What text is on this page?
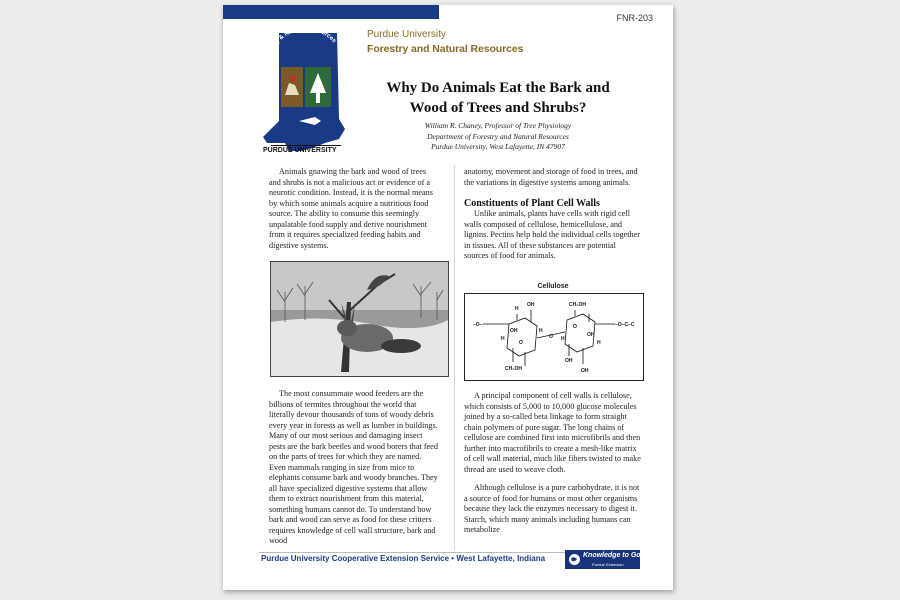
FNR-203
Forestry & Natural Resources
PURDUE UNIVERSITY
Purdue University
Forestry and Natural Resources
Why Do Animals Eat the Bark and
Wood of Trees and Shrubs?
William R. Chaney, Professor of Tree Physiology
Department of Forestry and Natural Resources
Purdue University, West Lafayette, IN 47907

Animals gnawing the bark and wood of trees and shrubs is not a malicious act or evidence of a neurotic condition. Instead, it is the normal means by which some animals acquire a nutritious food source. The ability to consume this seemingly unpalatable food supply and derive nourishment from it requires specialized feeding habits and digestive systems.

The most consummate wood feeders are the billions of termites throughout the world that literally devour thousands of tons of woody debris every year in forests as well as lumber in buildings. Many of our most serious and damaging insect pests are the bark beetles and wood borers that feed on the parts of trees for which they are named. Even mammals ranging in size from mice to elephants consume bark and woody branches. They all have specialized digestive systems that allow them to extract nourishment from this material, something humans cannot do. To understand how bark and wood can serve as food for these critters requires knowledge of cell wall structure, bark and wood

anatomy, movement and storage of food in trees, and the variations in digestive systems among animals.

Constituents of Plant Cell Walls

Unlike animals, plants have cells with rigid cell walls composed of cellulose, hemicellulose, and lignins. Pectins help hold the individual cells together in tissues. All of these substances are potential sources of food for animals.

Cellulose
–O–	–O–C–C
H
OH
OH
H
H
O
CH₂OH
O
CH₂OH
O
H
OH
H
OH
OH

A principal component of cell walls is cellulose, which consists of 5,000 to 10,000 glucose molecules joined by a so-called beta linkage to form straight chain polymers of pure sugar. The long chains of cellulose are combined first into microfibrils and then further into macrofibrils to create a mesh-like matrix of cell wall material, much like fibers twisted to make thread are used to weave cloth.

Although cellulose is a pure carbohydrate, it is not a source of food for humans or most other organisms because they lack the enzymes necessary to digest it. Starch, which many animals including humans can metabolize

Purdue University Cooperative Extension Service • West Lafayette, Indiana	Knowledge to Go
Purdue Extension
